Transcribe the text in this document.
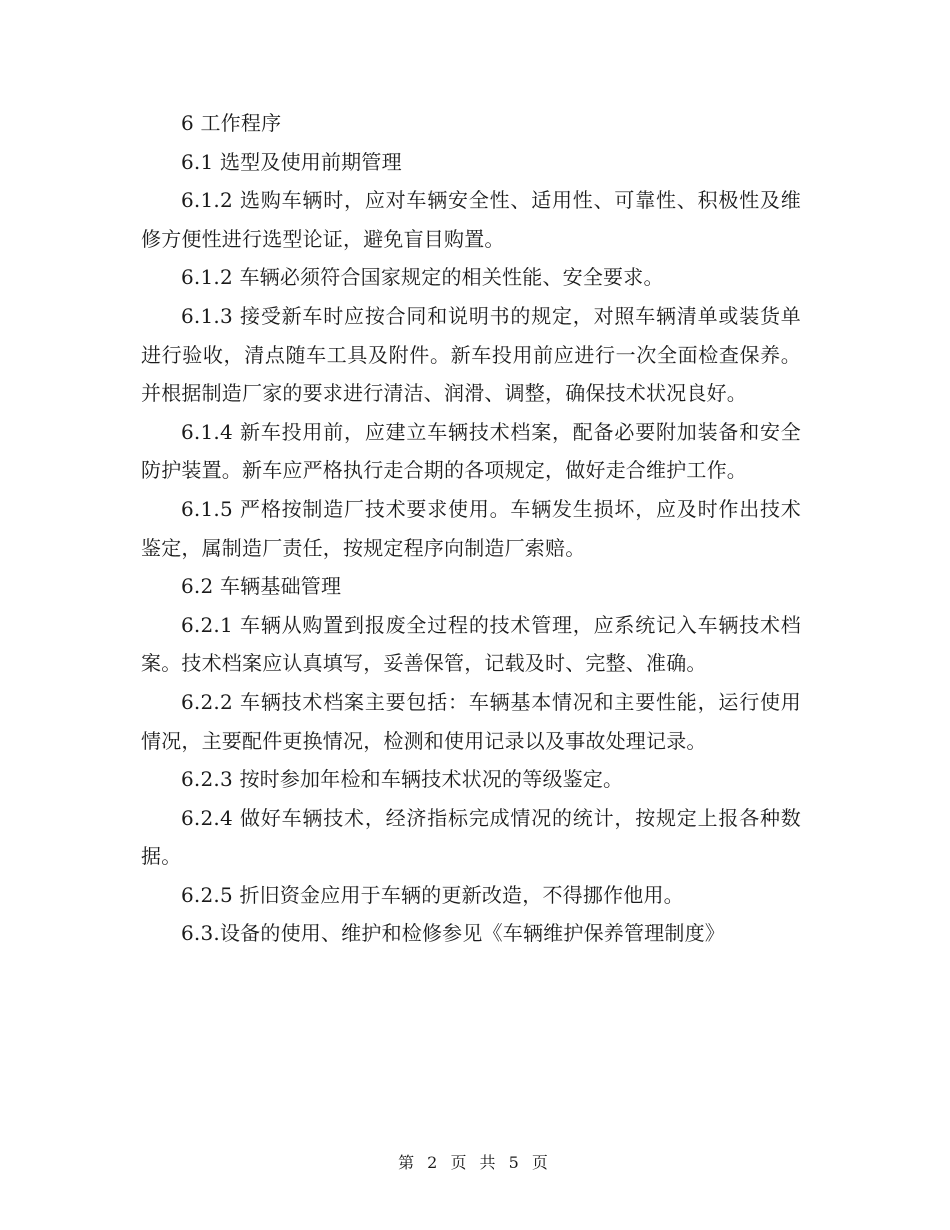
6 工作程序

6.1 选型及使用前期管理

6.1.2 选购车辆时，应对车辆安全性、适用性、可靠性、积极性及维修方便性进行选型论证，避免盲目购置。

6.1.2 车辆必须符合国家规定的相关性能、安全要求。

6.1.3 接受新车时应按合同和说明书的规定，对照车辆清单或装货单进行验收，清点随车工具及附件。新车投用前应进行一次全面检查保养。并根据制造厂家的要求进行清洁、润滑、调整，确保技术状况良好。

6.1.4 新车投用前，应建立车辆技术档案，配备必要附加装备和安全防护装置。新车应严格执行走合期的各项规定，做好走合维护工作。

6.1.5 严格按制造厂技术要求使用。车辆发生损坏，应及时作出技术鉴定，属制造厂责任，按规定程序向制造厂索赔。

6.2 车辆基础管理

6.2.1 车辆从购置到报废全过程的技术管理，应系统记入车辆技术档案。技术档案应认真填写，妥善保管，记载及时、完整、准确。

6.2.2 车辆技术档案主要包括：车辆基本情况和主要性能，运行使用情况，主要配件更换情况，检测和使用记录以及事故处理记录。

6.2.3 按时参加年检和车辆技术状况的等级鉴定。

6.2.4 做好车辆技术，经济指标完成情况的统计，按规定上报各种数据。

6.2.5 折旧资金应用于车辆的更新改造，不得挪作他用。

6.3.设备的使用、维护和检修参见《车辆维护保养管理制度》

第 2 页 共 5 页
